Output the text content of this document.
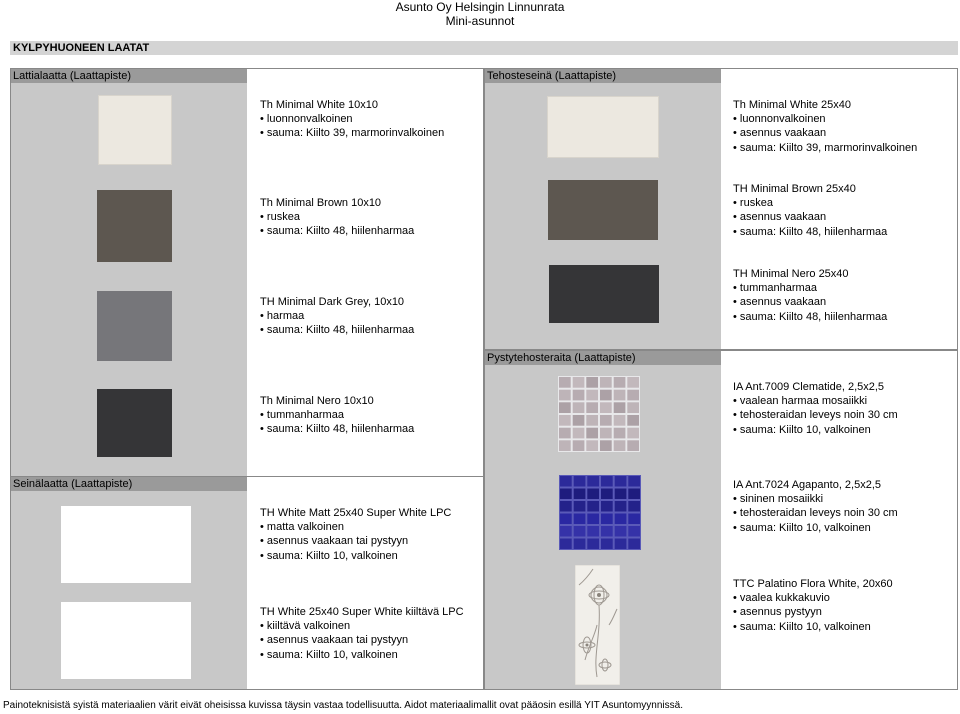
Asunto Oy Helsingin Linnunrata
Mini-asunnot
KYLPYHUONEEN LAATAT
Lattialaatta (Laattapiste)
Seinälaatta (Laattapiste)
Tehosteseinä (Laattapiste)
Pystytehosteraita (Laattapiste)
Th Minimal White 10x10
• luonnonvalkoinen
• sauma: Kiilto 39, marmorinvalkoinen
Th Minimal Brown 10x10
• ruskea
• sauma: Kiilto 48, hiilenharmaa
TH Minimal Dark Grey, 10x10
• harmaa
• sauma: Kiilto 48, hiilenharmaa
Th Minimal Nero 10x10
• tummanharmaa
• sauma: Kiilto 48, hiilenharmaa
TH White Matt 25x40 Super White LPC
• matta valkoinen
• asennus vaakaan tai pystyyn
• sauma: Kiilto 10, valkoinen
TH White 25x40 Super White kiiltävä LPC
• kiiltävä valkoinen
• asennus vaakaan tai pystyyn
• sauma: Kiilto 10, valkoinen
Th Minimal White 25x40
• luonnonvalkoinen
• asennus vaakaan
• sauma: Kiilto 39, marmorinvalkoinen
TH Minimal Brown 25x40
• ruskea
• asennus vaakaan
• sauma: Kiilto 48, hiilenharmaa
TH Minimal Nero 25x40
• tummanharmaa
• asennus vaakaan
• sauma: Kiilto 48, hiilenharmaa
IA Ant.7009 Clematide, 2,5x2,5
• vaalean harmaa mosaiikki
• tehosteraidan leveys noin 30 cm
• sauma: Kiilto 10, valkoinen
IA Ant.7024 Agapanto, 2,5x2,5
• sininen mosaiikki
• tehosteraidan leveys noin 30 cm
• sauma: Kiilto 10, valkoinen
TTC Palatino Flora White, 20x60
• vaalea kukkakuvio
• asennus pystyyn
• sauma: Kiilto 10, valkoinen
Painoteknisistä syistä materiaalien värit eivät oheisissa kuvissa täysin vastaa todellisuutta. Aidot materiaalimallit ovat pääosin esillä YIT Asuntomyynnissä.
